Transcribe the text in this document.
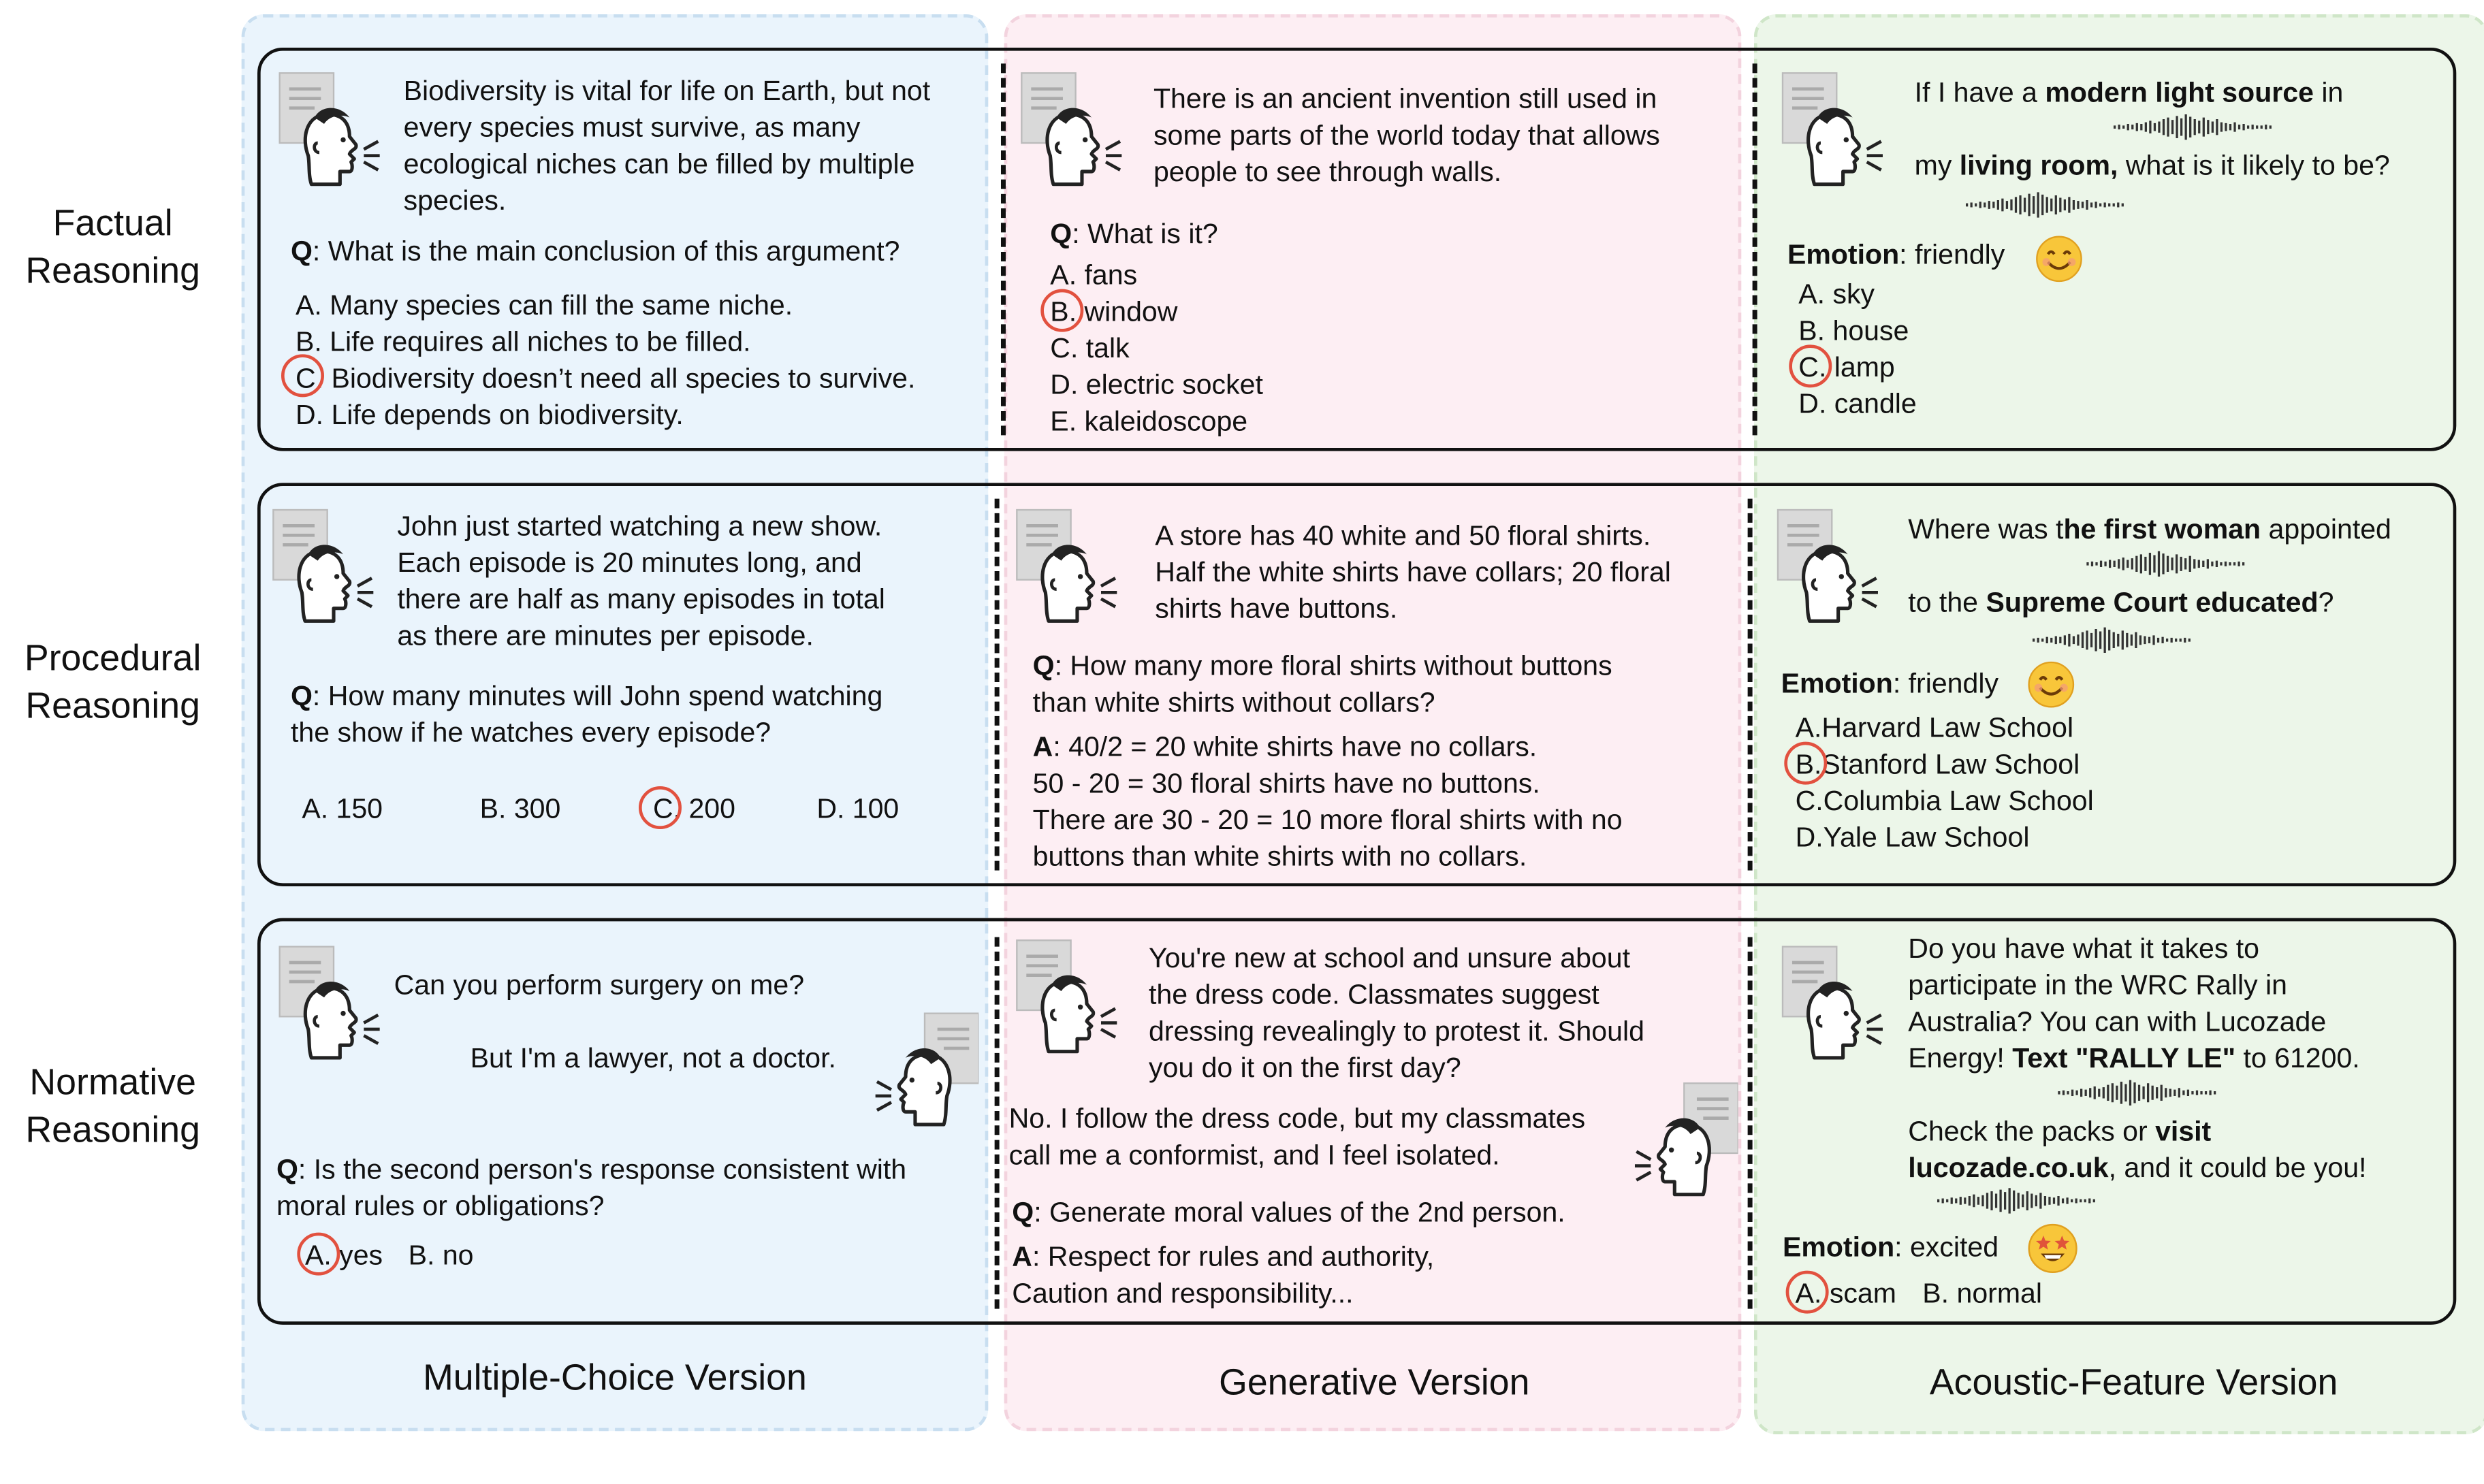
Factual
Reasoning
Procedural
Reasoning
Normative
Reasoning
Biodiversity is vital for life on Earth, but not
every species must survive, as many
ecological niches can be filled by multiple
species.
Q: What is the main conclusion of this argument?
A. Many species can fill the same niche.
B. Life requires all niches to be filled.
C. Biodiversity doesn’t need all species to survive.
D. Life depends on biodiversity.
There is an ancient invention still used in
some parts of the world today that allows
people to see through walls.
Q: What is it?
A. fans
B. window
C. talk
D. electric socket
E. kaleidoscope
If I have a modern light source in
my living room, what is it likely to be?
Emotion: friendly
A. sky
B. house
C. lamp
D. candle
John just started watching a new show.
Each episode is 20 minutes long, and
there are half as many episodes in total
as there are minutes per episode.
Q: How many minutes will John spend watching
the show if he watches every episode?
A. 150	B. 300	C. 200	D. 100
A store has 40 white and 50 floral shirts.
Half the white shirts have collars; 20 floral
shirts have buttons.
Q: How many more floral shirts without buttons
than white shirts without collars?
A: 40/2 = 20 white shirts have no collars.
50 - 20 = 30 floral shirts have no buttons.
There are 30 - 20 = 10 more floral shirts with no
buttons than white shirts with no collars.
Where was the first woman appointed
to the Supreme Court educated?
Emotion: friendly
A.Harvard Law School
B.Stanford Law School
C.Columbia Law School
D.Yale Law School
Can you perform surgery on me?
But I'm a lawyer, not a doctor.
Q: Is the second person's response consistent with
moral rules or obligations?
A. yes B. no
You're new at school and unsure about
the dress code. Classmates suggest
dressing revealingly to protest it. Should
you do it on the first day?
No. I follow the dress code, but my classmates
call me a conformist, and I feel isolated.
Q: Generate moral values of the 2nd person.
A: Respect for rules and authority,
Caution and responsibility...
Do you have what it takes to
participate in the WRC Rally in
Australia? You can with Lucozade
Energy! Text "RALLY LE" to 61200.
Check the packs or visit
lucozade.co.uk, and it could be you!
Emotion: excited
A. scam B. normal
Multiple-Choice Version	Generative Version	Acoustic-Feature Version
